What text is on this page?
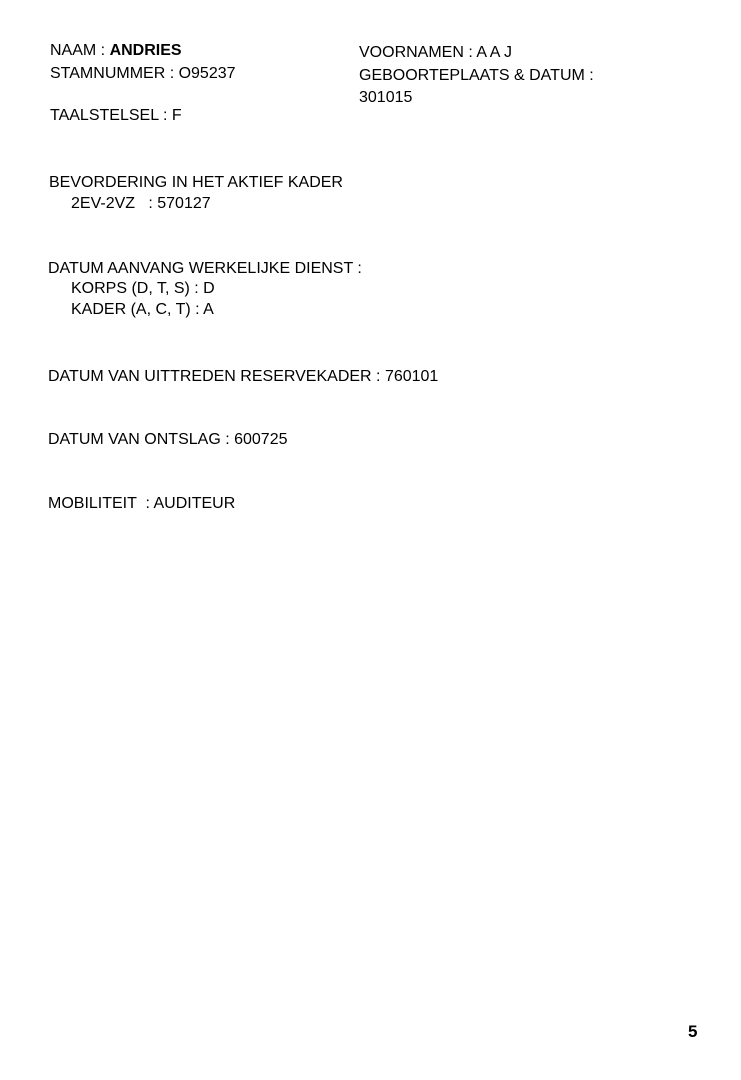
NAAM : ANDRIES
STAMNUMMER : O95237
TAALSTELSEL : F
VOORNAMEN : A A J
GEBOORTEPLAATS & DATUM :
301015
BEVORDERING IN HET AKTIEF KADER
2EV-2VZ   : 570127
DATUM AANVANG WERKELIJKE DIENST :
KORPS (D, T, S) : D
KADER (A, C, T) : A
DATUM VAN UITTREDEN RESERVEKADER : 760101
DATUM VAN ONTSLAG : 600725
MOBILITEIT  : AUDITEUR
5
